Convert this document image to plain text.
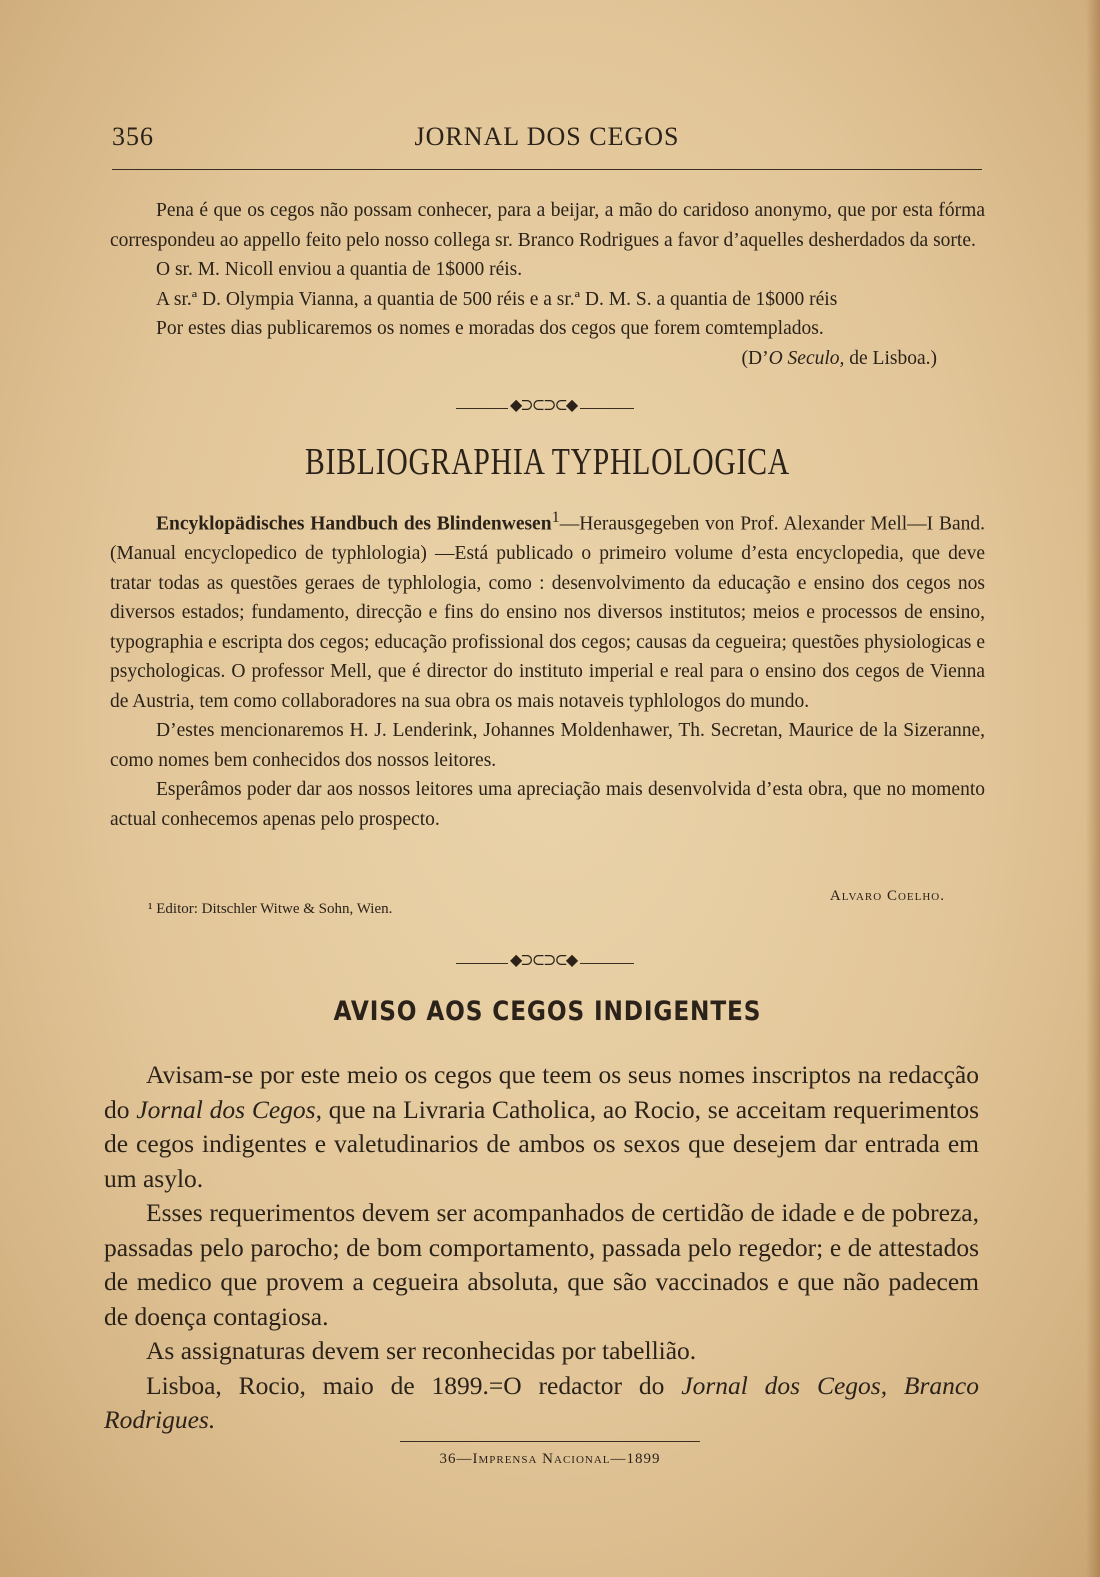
356	JORNAL DOS CEGOS

Pena é que os cegos não possam conhecer, para a beijar, a mão do caridoso anonymo, que por esta fórma correspondeu ao appello feito pelo nosso collega sr. Branco Rodrigues a favor d’aquelles desherdados da sorte.

O sr. M. Nicoll enviou a quantia de 1$000 réis.

A sr.ª D. Olympia Vianna, a quantia de 500 réis e a sr.ª D. M. S. a quantia de 1$000 réis

Por estes dias publicaremos os nomes e moradas dos cegos que forem comtemplados.

(D’O Seculo, de Lisboa.)

◆⊃⊂⊃⊂◆
BIBLIOGRAPHIA TYPHLOLOGICA

Encyklopädisches Handbuch des Blindenwesen$^1$—Herausgegeben von Prof. Alexander Mell—I Band. (Manual encyclopedico de typhlologia) —Está publicado o primeiro volume d’esta encyclopedia, que deve tratar todas as questões geraes de typhlologia, como : desenvolvimento da educação e ensino dos cegos nos diversos estados; fundamento, direcção e fins do ensino nos diversos institutos; meios e processos de ensino, typographia e escripta dos cegos; educação profissional dos cegos; causas da cegueira; questões physiologicas e psychologicas. O professor Mell, que é director do instituto imperial e real para o ensino dos cegos de Vienna de Austria, tem como collaboradores na sua obra os mais notaveis typhlologos do mundo.

D’estes mencionaremos H. J. Lenderink, Johannes Moldenhawer, Th. Secretan, Maurice de la Sizeranne, como nomes bem conhecidos dos nossos leitores.

Esperâmos poder dar aos nossos leitores uma apreciação mais desenvolvida d’esta obra, que no momento actual conhecemos apenas pelo prospecto.

Alvaro Coelho.
¹ Editor: Ditschler Witwe & Sohn, Wien.
◆⊃⊂⊃⊂◆
AVISO AOS CEGOS INDIGENTES

Avisam-se por este meio os cegos que teem os seus nomes inscriptos na redacção do Jornal dos Cegos, que na Livraria Catholica, ao Rocio, se acceitam requerimentos de cegos indigentes e valetudinarios de ambos os sexos que desejem dar entrada em um asylo.

Esses requerimentos devem ser acompanhados de certidão de idade e de pobreza, passadas pelo parocho; de bom comportamento, passada pelo regedor; e de attestados de medico que provem a cegueira absoluta, que são vaccinados e que não padecem de doença contagiosa.

As assignaturas devem ser reconhecidas por tabellião.

Lisboa, Rocio, maio de 1899.=O redactor do Jornal dos Cegos, Branco Rodrigues.

36—Imprensa Nacional—1899
